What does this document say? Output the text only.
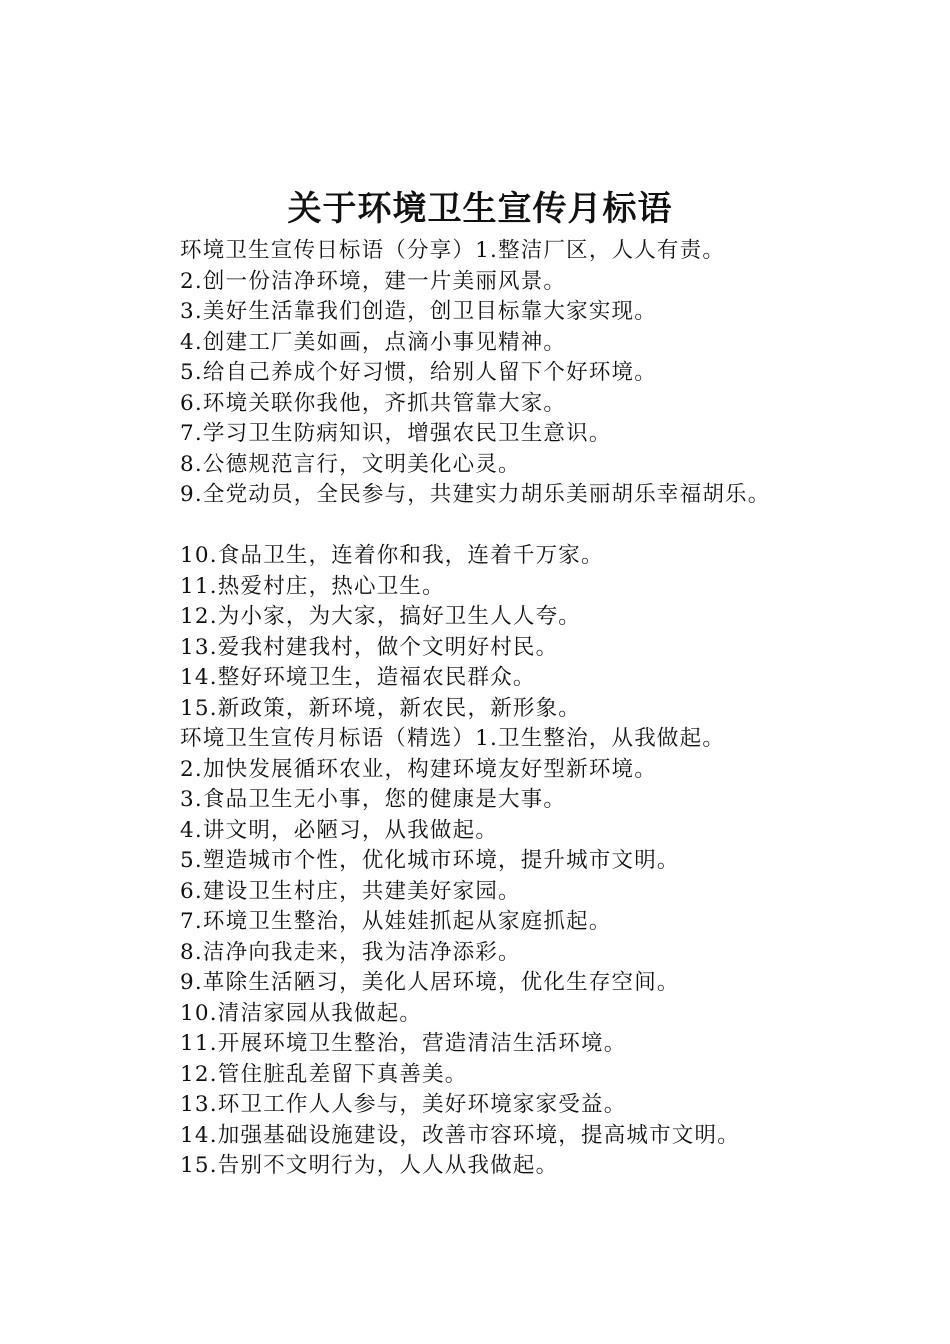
关于环境卫生宣传月标语
环境卫生宣传日标语（分享）1.整洁厂区，人人有责。
2.创一份洁净环境，建一片美丽风景。
3.美好生活靠我们创造，创卫目标靠大家实现。
4.创建工厂美如画，点滴小事见精神。
5.给自己养成个好习惯，给别人留下个好环境。
6.环境关联你我他，齐抓共管靠大家。
7.学习卫生防病知识，增强农民卫生意识。
8.公德规范言行，文明美化心灵。
9.全党动员，全民参与，共建实力胡乐美丽胡乐幸福胡乐。
10.食品卫生，连着你和我，连着千万家。
11.热爱村庄，热心卫生。
12.为小家，为大家，搞好卫生人人夸。
13.爱我村建我村，做个文明好村民。
14.整好环境卫生，造福农民群众。
15.新政策，新环境，新农民，新形象。
环境卫生宣传月标语（精选）1.卫生整治，从我做起。
2.加快发展循环农业，构建环境友好型新环境。
3.食品卫生无小事，您的健康是大事。
4.讲文明，必陋习，从我做起。
5.塑造城市个性，优化城市环境，提升城市文明。
6.建设卫生村庄，共建美好家园。
7.环境卫生整治，从娃娃抓起从家庭抓起。
8.洁净向我走来，我为洁净添彩。
9.革除生活陋习，美化人居环境，优化生存空间。
10.清洁家园从我做起。
11.开展环境卫生整治，营造清洁生活环境。
12.管住脏乱差留下真善美。
13.环卫工作人人参与，美好环境家家受益。
14.加强基础设施建设，改善市容环境，提高城市文明。
15.告别不文明行为，人人从我做起。
